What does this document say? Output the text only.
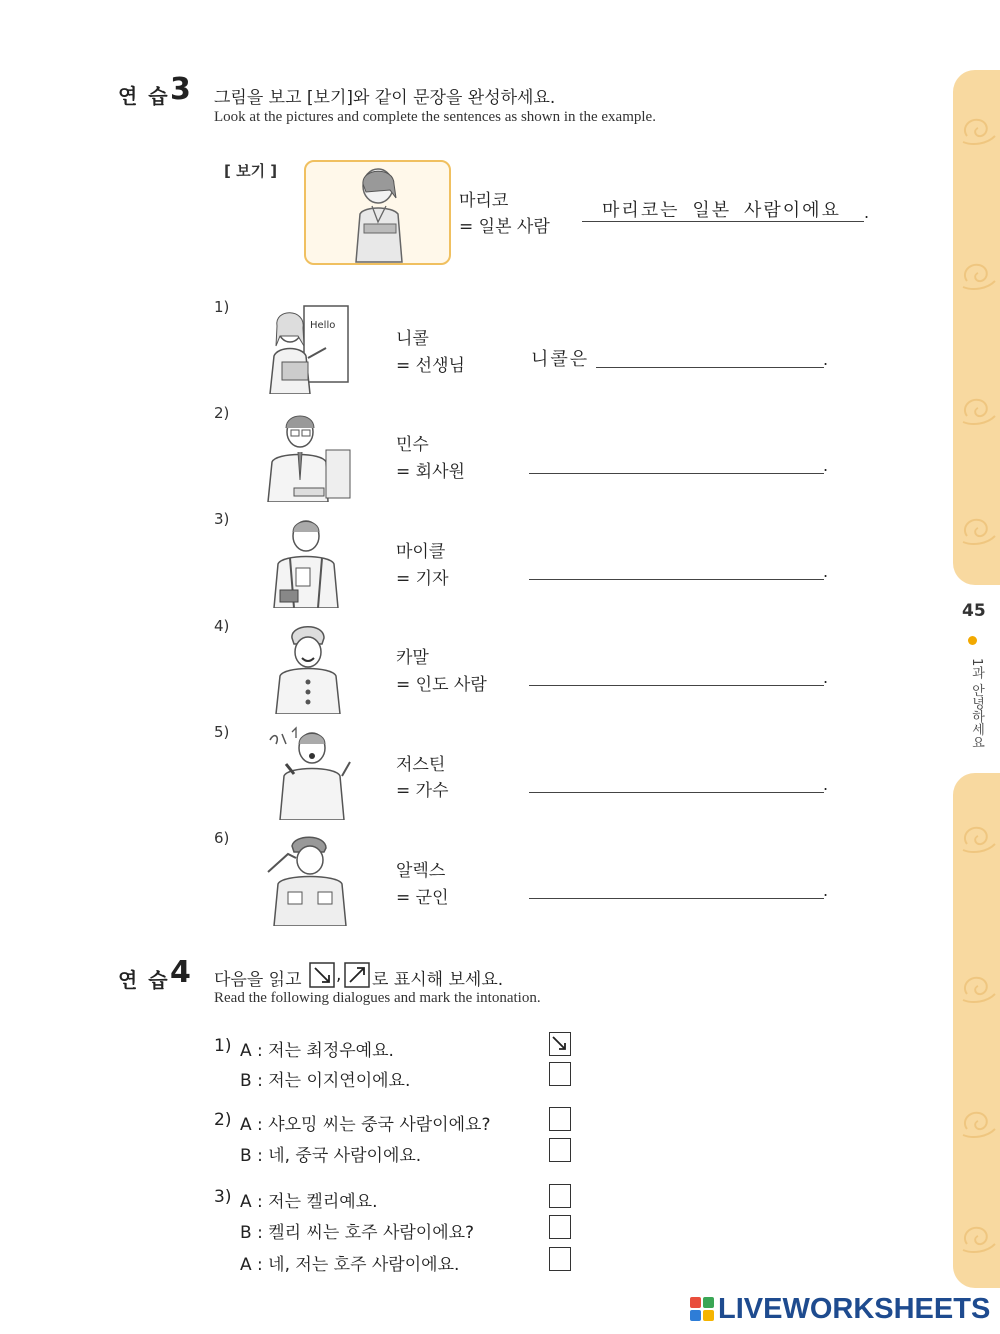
45
1과 안녕하세요
연 습 3 그림을 보고 [보기]와 같이 문장을 완성하세요.
Look at the pictures and complete the sentences as shown in the example.
[ 보기 ]
마리코
= 일본 사람
마리코는 일본 사람이에요 .
1)
Hello
니콜
= 선생님	니콜은	.
2)
민수
= 회사원	.
3)
마이클
= 기자	.
4)
카말
= 인도 사람	.
5)
저스틴
= 가수	.
6)
알렉스
= 군인	.
연 습 4 다음을 읽고 , 로 표시해 보세요.
Read the following dialogues and mark the intonation.
1) A : 저는 최정우예요.
B : 저는 이지연이에요.
2) A : 샤오밍 씨는 중국 사람이에요?
B : 네, 중국 사람이에요.
3) A : 저는 켈리예요.
B : 켈리 씨는 호주 사람이에요?
A : 네, 저는 호주 사람이에요.
LIVEWORKSHEETS
